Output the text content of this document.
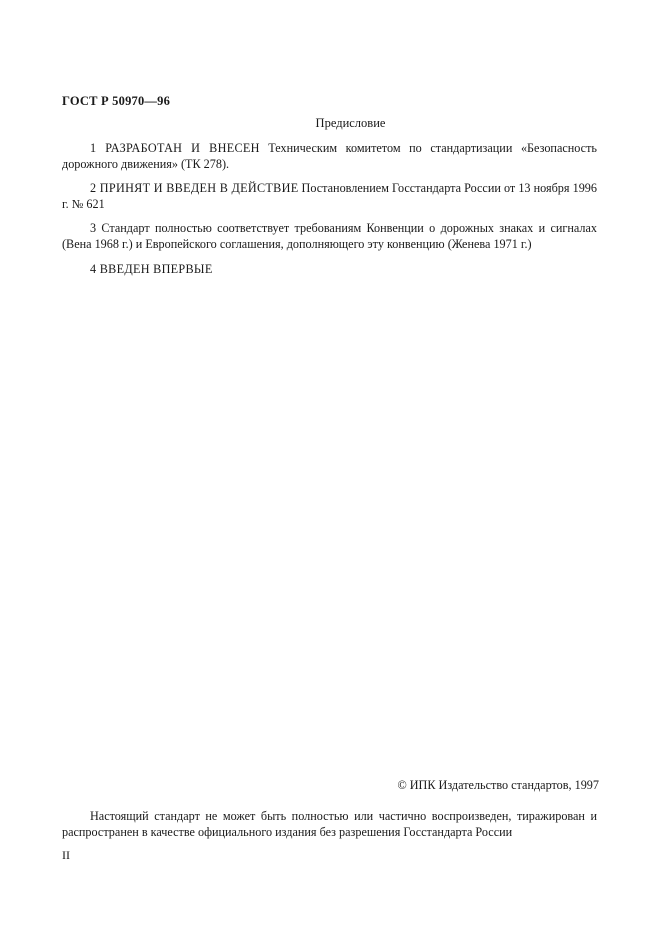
ГОСТ Р 50970—96
Предисловие
1 РАЗРАБОТАН И ВНЕСЕН Техническим комитетом по стандартизации «Безопасность дорожного движения» (ТК 278).
2 ПРИНЯТ И ВВЕДЕН В ДЕЙСТВИЕ Постановлением Госстандарта России от 13 ноября 1996 г. № 621
3 Стандарт полностью соответствует требованиям Конвенции о дорожных знаках и сигналах (Вена 1968 г.) и Европейского соглашения, дополняющего эту конвенцию (Женева 1971 г.)
4 ВВЕДЕН ВПЕРВЫЕ
© ИПК Издательство стандартов, 1997
Настоящий стандарт не может быть полностью или частично воспроизведен, тиражирован и распространен в качестве официального издания без разрешения Госстандарта России
II
